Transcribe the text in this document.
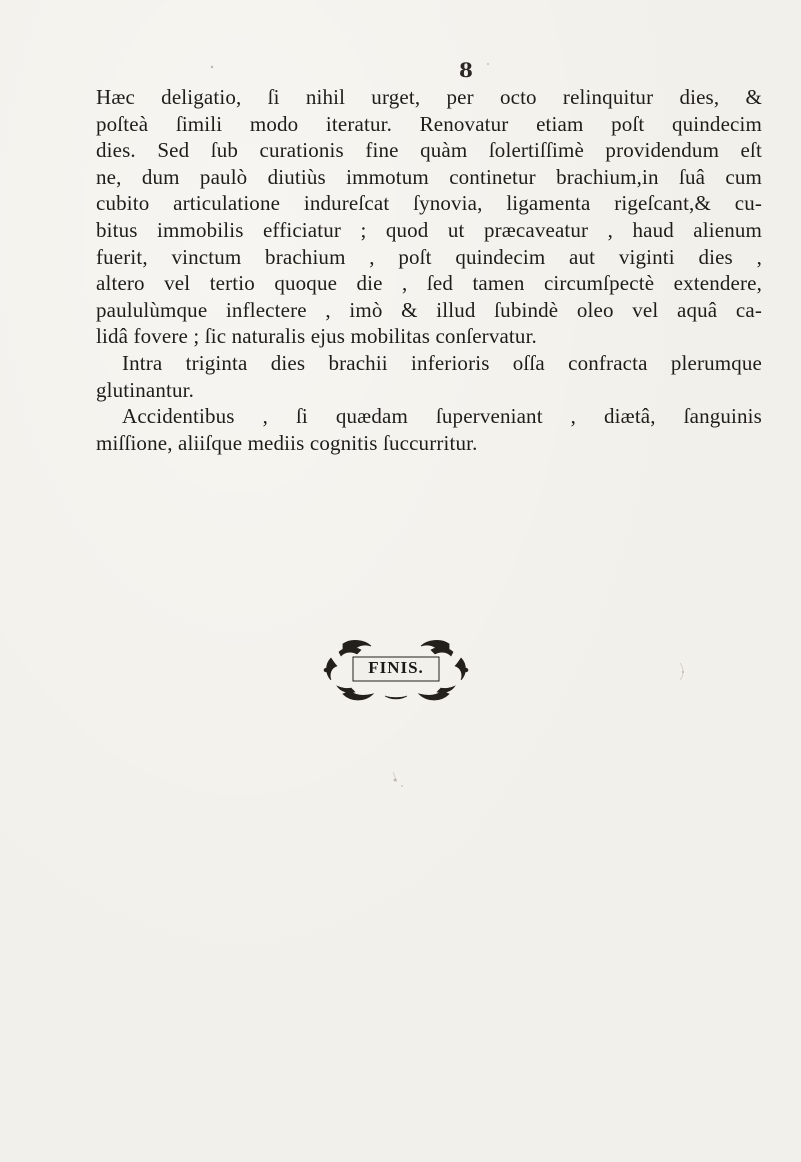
8
Hæc deligatio, ſi nihil urget, per octo relinquitur dies, &
poſteà ſimili modo iteratur. Renovatur etiam poſt quindecim
dies. Sed ſub curationis fine quàm ſolertiſſimè providendum eſt
ne, dum paulò diutiùs immotum continetur brachium,in ſuâ cum
cubito articulatione indureſcat ſynovia, ligamenta rigeſcant,& cu-
bitus immobilis efficiatur ; quod ut præcaveatur , haud alienum
fuerit, vinctum brachium , poſt quindecim aut viginti dies ,
altero vel tertio quoque die , ſed tamen circumſpectè extendere,
paululùmque inflectere , imò & illud ſubindè oleo vel aquâ ca-
lidâ fovere ; ſic naturalis ejus mobilitas conſervatur.
Intra triginta dies brachii inferioris oſſa confracta plerumque
glutinantur.
Accidentibus , ſi quædam ſuperveniant , diætâ, ſanguinis
miſſione, aliiſque mediis cognitis ſuccurritur.
FINIS.
